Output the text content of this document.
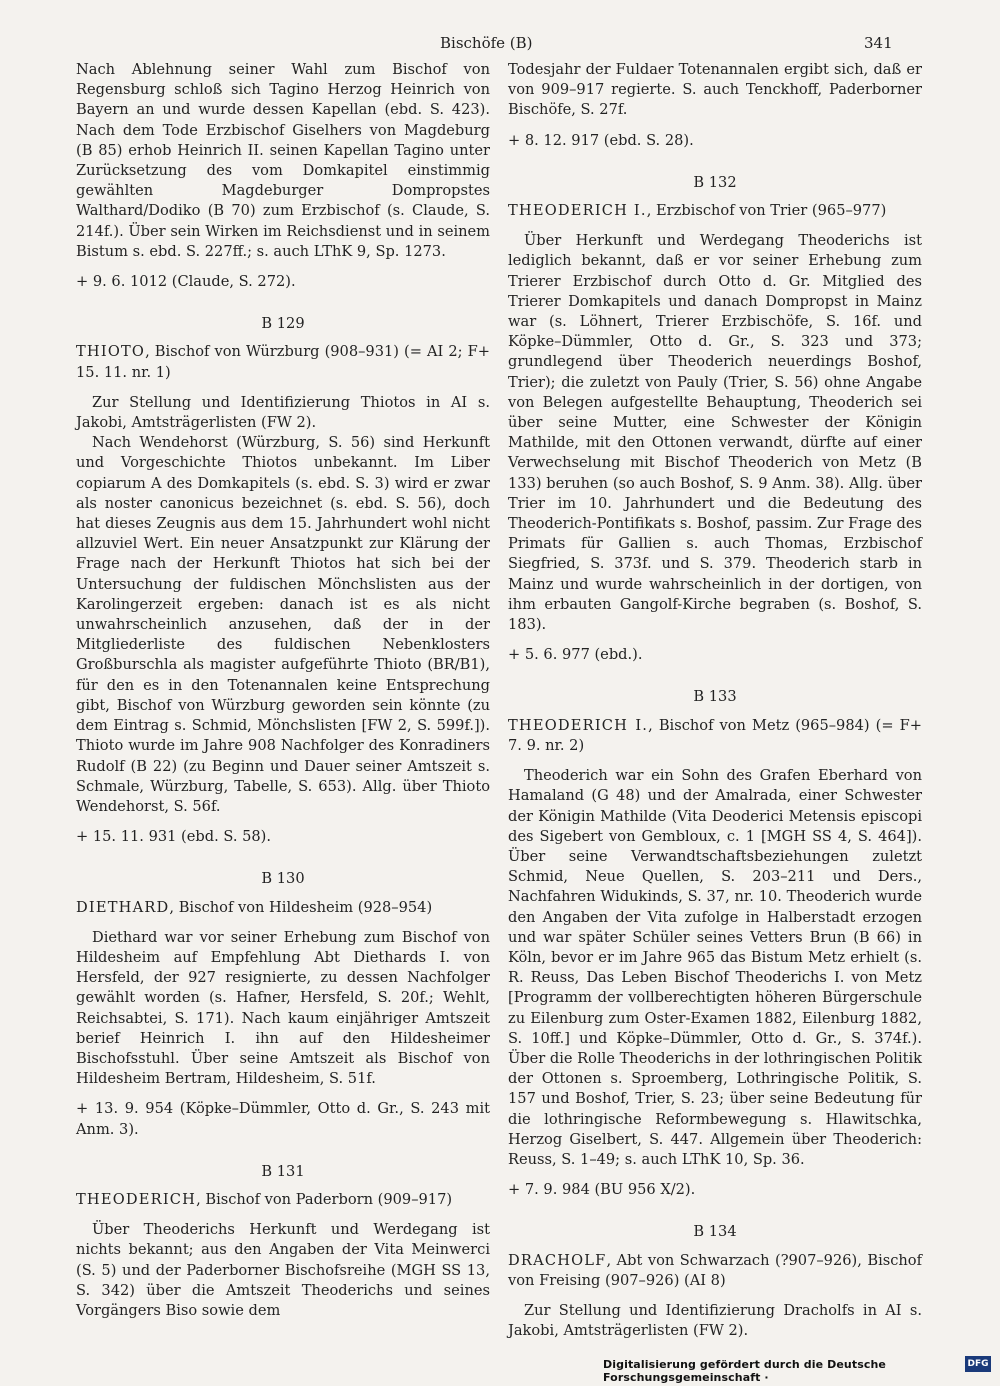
Bischöfe (B)	341

Nach Ablehnung seiner Wahl zum Bischof von Regensburg schloß sich Tagino Herzog Heinrich von Bayern an und wurde dessen Kapellan (ebd. S. 423). Nach dem Tode Erzbischof Giselhers von Magdeburg (B 85) erhob Heinrich II. seinen Kapellan Tagino unter Zurücksetzung des vom Domkapitel einstimmig gewählten Magdeburger Dompropstes Walthard/Dodiko (B 70) zum Erzbischof (s. Claude, S. 214f.). Über sein Wirken im Reichsdienst und in seinem Bistum s. ebd. S. 227ff.; s. auch LThK 9, Sp. 1273.

+ 9. 6. 1012 (Claude, S. 272).

B 129

THIOTO, Bischof von Würzburg (908–931) (= AI 2; F+ 15. 11. nr. 1)

Zur Stellung und Identifizierung Thiotos in AI s. Jakobi, Amtsträgerlisten (FW 2).

Nach Wendehorst (Würzburg, S. 56) sind Herkunft und Vorgeschichte Thiotos unbekannt. Im Liber copiarum A des Domkapitels (s. ebd. S. 3) wird er zwar als noster canonicus bezeichnet (s. ebd. S. 56), doch hat dieses Zeugnis aus dem 15. Jahrhundert wohl nicht allzuviel Wert. Ein neuer Ansatzpunkt zur Klärung der Frage nach der Herkunft Thiotos hat sich bei der Untersuchung der fuldischen Mönchslisten aus der Karolingerzeit ergeben: danach ist es als nicht unwahrscheinlich anzusehen, daß der in der Mitgliederliste des fuldischen Nebenklosters Großburschla als magister aufgeführte Thioto (BR/B1), für den es in den Totenannalen keine Entsprechung gibt, Bischof von Würzburg geworden sein könnte (zu dem Eintrag s. Schmid, Mönchslisten [FW 2, S. 599f.]). Thioto wurde im Jahre 908 Nachfolger des Konradiners Rudolf (B 22) (zu Beginn und Dauer seiner Amtszeit s. Schmale, Würzburg, Tabelle, S. 653). Allg. über Thioto Wendehorst, S. 56f.

+ 15. 11. 931 (ebd. S. 58).

B 130

DIETHARD, Bischof von Hildesheim (928–954)

Diethard war vor seiner Erhebung zum Bischof von Hildesheim auf Empfehlung Abt Diethards I. von Hersfeld, der 927 resignierte, zu dessen Nachfolger gewählt worden (s. Hafner, Hersfeld, S. 20f.; Wehlt, Reichsabtei, S. 171). Nach kaum einjähriger Amtszeit berief Heinrich I. ihn auf den Hildesheimer Bischofsstuhl. Über seine Amtszeit als Bischof von Hildesheim Bertram, Hildesheim, S. 51f.

+ 13. 9. 954 (Köpke–Dümmler, Otto d. Gr., S. 243 mit Anm. 3).

B 131

THEODERICH, Bischof von Paderborn (909–917)

Über Theoderichs Herkunft und Werdegang ist nichts bekannt; aus den Angaben der Vita Meinwerci (S. 5) und der Paderborner Bischofsreihe (MGH SS 13, S. 342) über die Amtszeit Theoderichs und seines Vorgängers Biso sowie dem

Todesjahr der Fuldaer Totenannalen ergibt sich, daß er von 909–917 regierte. S. auch Tenckhoff, Paderborner Bischöfe, S. 27f.

+ 8. 12. 917 (ebd. S. 28).

B 132

THEODERICH I., Erzbischof von Trier (965–977)

Über Herkunft und Werdegang Theoderichs ist lediglich bekannt, daß er vor seiner Erhebung zum Trierer Erzbischof durch Otto d. Gr. Mitglied des Trierer Domkapitels und danach Dompropst in Mainz war (s. Löhnert, Trierer Erzbischöfe, S. 16f. und Köpke–Dümmler, Otto d. Gr., S. 323 und 373; grundlegend über Theoderich neuerdings Boshof, Trier); die zuletzt von Pauly (Trier, S. 56) ohne Angabe von Belegen aufgestellte Behauptung, Theoderich sei über seine Mutter, eine Schwester der Königin Mathilde, mit den Ottonen verwandt, dürfte auf einer Verwechselung mit Bischof Theoderich von Metz (B 133) beruhen (so auch Boshof, S. 9 Anm. 38). Allg. über Trier im 10. Jahrhundert und die Bedeutung des Theoderich-Pontifikats s. Boshof, passim. Zur Frage des Primats für Gallien s. auch Thomas, Erzbischof Siegfried, S. 373f. und S. 379. Theoderich starb in Mainz und wurde wahrscheinlich in der dortigen, von ihm erbauten Gangolf-Kirche begraben (s. Boshof, S. 183).

+ 5. 6. 977 (ebd.).

B 133

THEODERICH I., Bischof von Metz (965–984) (= F+ 7. 9. nr. 2)

Theoderich war ein Sohn des Grafen Eberhard von Hamaland (G 48) und der Amalrada, einer Schwester der Königin Mathilde (Vita Deoderici Metensis episcopi des Sigebert von Gembloux, c. 1 [MGH SS 4, S. 464]). Über seine Verwandtschaftsbeziehungen zuletzt Schmid, Neue Quellen, S. 203–211 und Ders., Nachfahren Widukinds, S. 37, nr. 10. Theoderich wurde den Angaben der Vita zufolge in Halberstadt erzogen und war später Schüler seines Vetters Brun (B 66) in Köln, bevor er im Jahre 965 das Bistum Metz erhielt (s. R. Reuss, Das Leben Bischof Theoderichs I. von Metz [Programm der vollberechtigten höheren Bürgerschule zu Eilenburg zum Oster-Examen 1882, Eilenburg 1882, S. 10ff.] und Köpke–Dümmler, Otto d. Gr., S. 374f.). Über die Rolle Theoderichs in der lothringischen Politik der Ottonen s. Sproemberg, Lothringische Politik, S. 157 und Boshof, Trier, S. 23; über seine Bedeutung für die lothringische Reformbewegung s. Hlawitschka, Herzog Giselbert, S. 447. Allgemein über Theoderich: Reuss, S. 1–49; s. auch LThK 10, Sp. 36.

+ 7. 9. 984 (BU 956 X/2).

B 134

DRACHOLF, Abt von Schwarzach (?907–926), Bischof von Freising (907–926) (AI 8)

Zur Stellung und Identifizierung Dracholfs in AI s. Jakobi, Amtsträgerlisten (FW 2).

Digitalisierung gefördert durch die Deutsche Forschungsgemeinschaft ·
DFG
